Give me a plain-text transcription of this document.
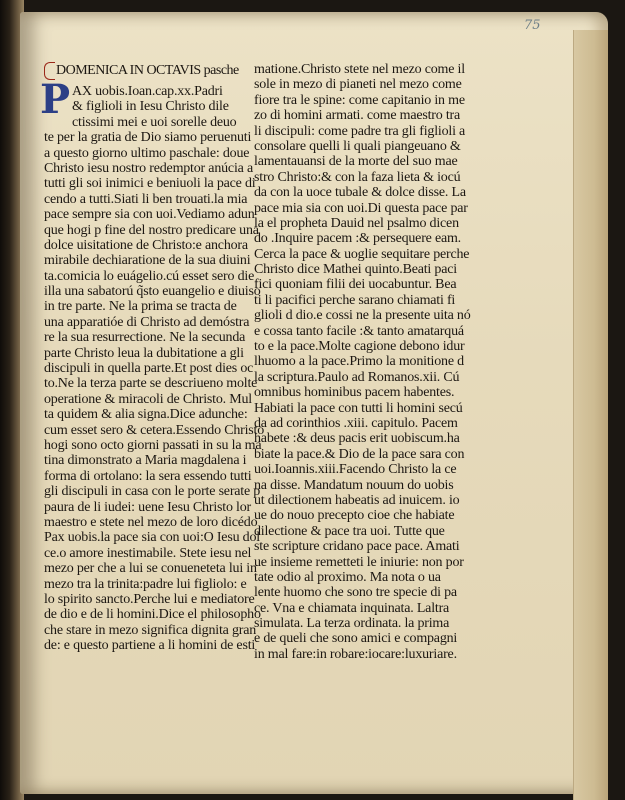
75
DOMENICA IN OCTAVIS pasche
P AX uobis.Ioan.cap.xx.Padri
& figlioli in Iesu Christo dile
ctissimi mei e uoi sorelle deuo
te per la gratia de Dio siamo peruenuti
a questo giorno ultimo paschale: doue
Christo iesu nostro redemptor anúcia a
tutti gli soi inimici e beniuoli la pace di
cendo a tutti.Siati li ben trouati.la mia
pace sempre sia con uoi.Vediamo adun
que hogi p fine del nostro predicare una
dolce uisitatione de Christo:e anchora
mirabile dechiaratione de la sua diuini
ta.comicia lo euágelio.cú esset sero die
illa una sabatorú q̃sto euangelio e diuiso
in tre parte. Ne la prima se tracta de
una apparatióe di Christo ad demóstra
re la sua resurrectione. Ne la secunda
parte Christo leua la dubitatione a gli
discipuli in quella parte.Et post dies oc
to.Ne la terza parte se descriueno molte
operatione & miracoli de Christo. Mul
ta quidem & alia signa.Dice adunche:
cum esset sero & cetera.Essendo Christo
hogi sono octo giorni passati in su la ma
tina dimonstrato a Maria magdalena i
forma di ortolano: la sera essendo tutti
gli discipuli in casa con le porte serate p
paura de li iudei: uene Iesu Christo lor
maestro e stete nel mezo de loro dicédo
Pax uobis.la pace sia con uoi:O Iesu dol
ce.o amore inestimabile. Stete iesu nel
mezo per che a lui se conueneteta lui in
mezo tra la trinita:padre lui figliolo: e
lo spirito sancto.Perche lui e mediatore
de dio e de li homini.Dice el philosopho
che stare in mezo significa dignita gran
de: e questo partiene a li homini de esti
matione.Christo stete nel mezo come il
sole in mezo di pianeti nel mezo come
fiore tra le spine: come capitanio in me
zo di homini armati. come maestro tra
li discipuli: come padre tra gli figlioli a
consolare quelli li quali piangeuano &
lamentauansi de la morte del suo mae
stro Christo:& con la faza lieta & iocú
da con la uoce tubale & dolce disse. La
pace mia sia con uoi.Di questa pace par
la el propheta Dauid nel psalmo dicen
do .Inquire pacem :& persequere eam.
Cerca la pace & uoglie sequitare perche
Christo dice Mathei quinto.Beati paci
fici quoniam filii dei uocabuntur. Bea
ti li pacifici perche sarano chiamati fi
glioli d dio.e cossi ne la presente uita nó
e cossa tanto facile :& tanto amatarquá
to e la pace.Molte cagione debono idur
lhuomo a la pace.Primo la monitione d
la scriptura.Paulo ad Romanos.xii. Cú
omnibus hominibus pacem habentes.
Habiati la pace con tutti li homini secú
da ad corinthios .xiii. capitulo. Pacem
habete :& deus pacis erit uobiscum.ha
biate la pace.& Dio de la pace sara con
uoi.Ioannis.xiii.Facendo Christo la ce
na disse. Mandatum nouum do uobis
ut dilectionem habeatis ad inuicem. io
ue do nouo precepto cioe che habiate
dilectione & pace tra uoi. Tutte que
ste scripture cridano pace pace. Amati
ue insieme remetteti le iniurie: non por
tate odio al proximo. Ma nota o ua
lente huomo che sono tre specie di pa
ce. Vna e chiamata inquinata. Laltra
simulata. La terza ordinata. la prima
e de queli che sono amici e compagni
in mal fare:in robare:iocare:luxuriare.
